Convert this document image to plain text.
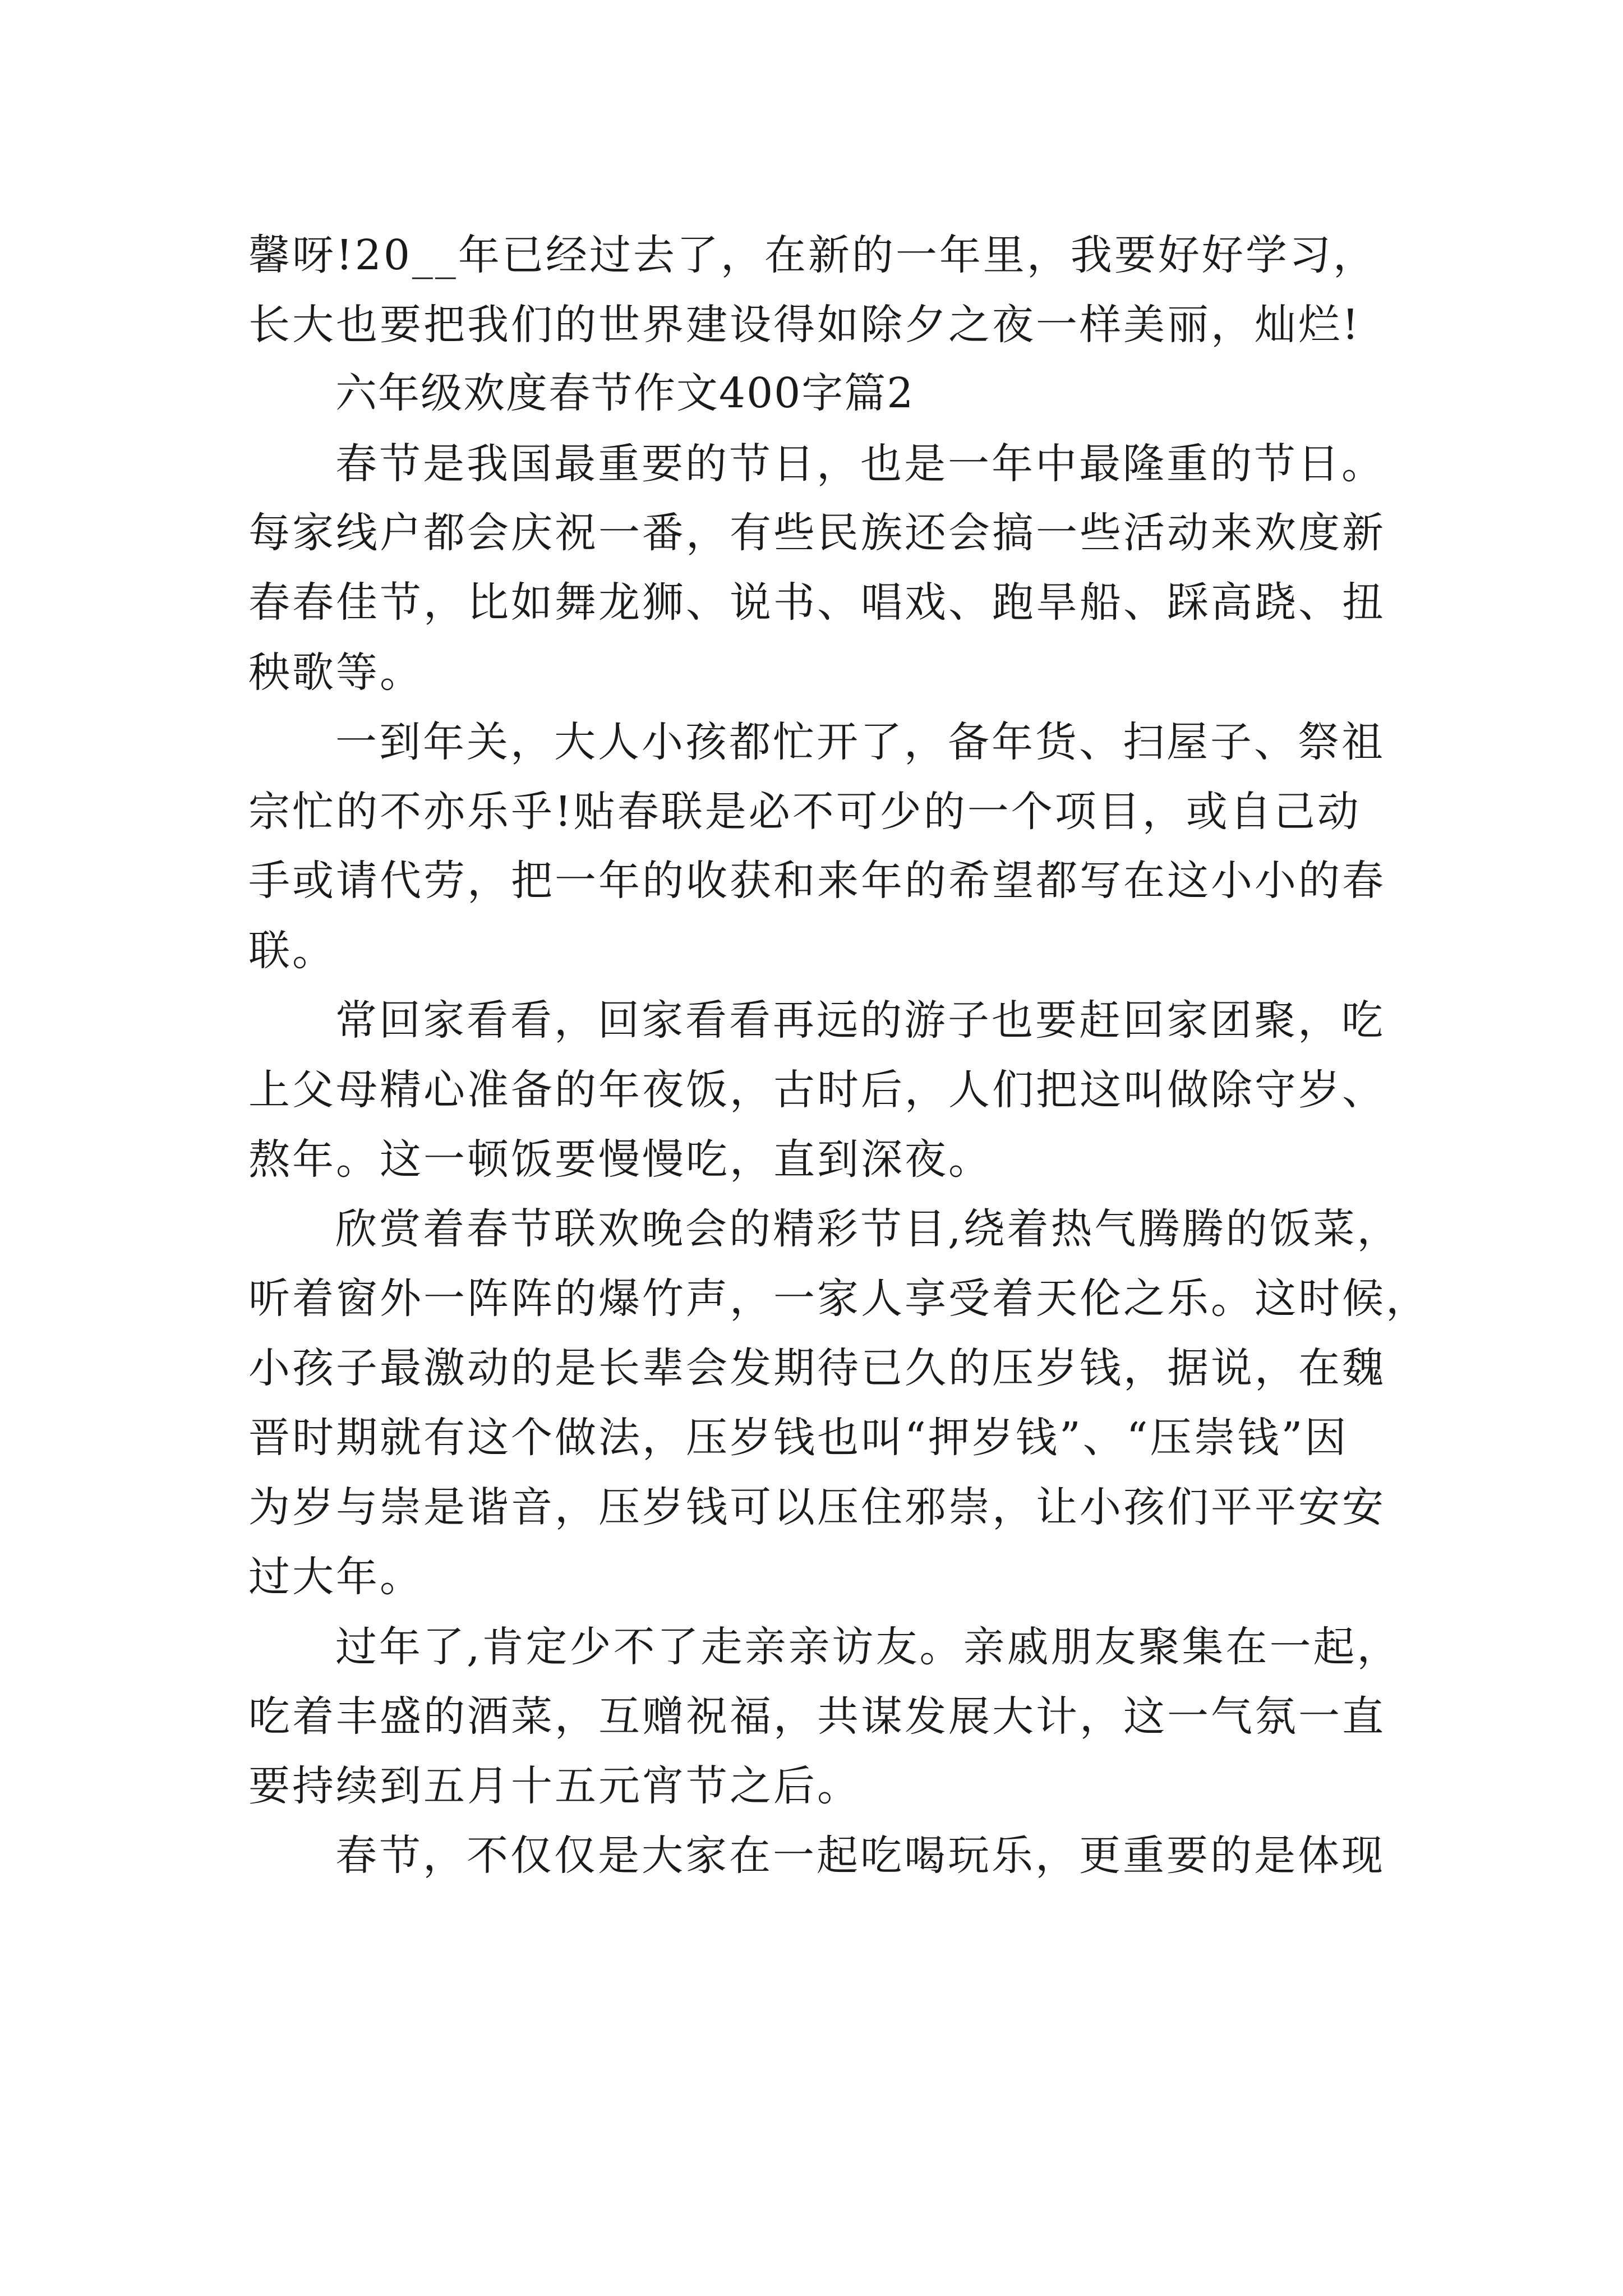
馨呀!20__年已经过去了，在新的一年里，我要好好学习，
长大也要把我们的世界建设得如除夕之夜一样美丽，灿烂!
六年级欢度春节作文400字篇2
春节是我国最重要的节日，也是一年中最隆重的节日。
每家线户都会庆祝一番，有些民族还会搞一些活动来欢度新
春春佳节，比如舞龙狮、说书、唱戏、跑旱船、踩高跷、扭
秧歌等。
一到年关，大人小孩都忙开了，备年货、扫屋子、祭祖
宗忙的不亦乐乎!贴春联是必不可少的一个项目，或自己动
手或请代劳，把一年的收获和来年的希望都写在这小小的春
联。
常回家看看，回家看看再远的游子也要赶回家团聚，吃
上父母精心准备的年夜饭，古时后，人们把这叫做除守岁、
熬年。这一顿饭要慢慢吃，直到深夜。
欣赏着春节联欢晚会的精彩节目,绕着热气腾腾的饭菜，
听着窗外一阵阵的爆竹声，一家人享受着天伦之乐。这时候，
小孩子最激动的是长辈会发期待已久的压岁钱，据说，在魏
晋时期就有这个做法，压岁钱也叫“押岁钱”、“压崇钱”因
为岁与崇是谐音，压岁钱可以压住邪崇，让小孩们平平安安
过大年。
过年了,肯定少不了走亲亲访友。亲戚朋友聚集在一起，
吃着丰盛的酒菜，互赠祝福，共谋发展大计，这一气氛一直
要持续到五月十五元宵节之后。
春节，不仅仅是大家在一起吃喝玩乐，更重要的是体现
